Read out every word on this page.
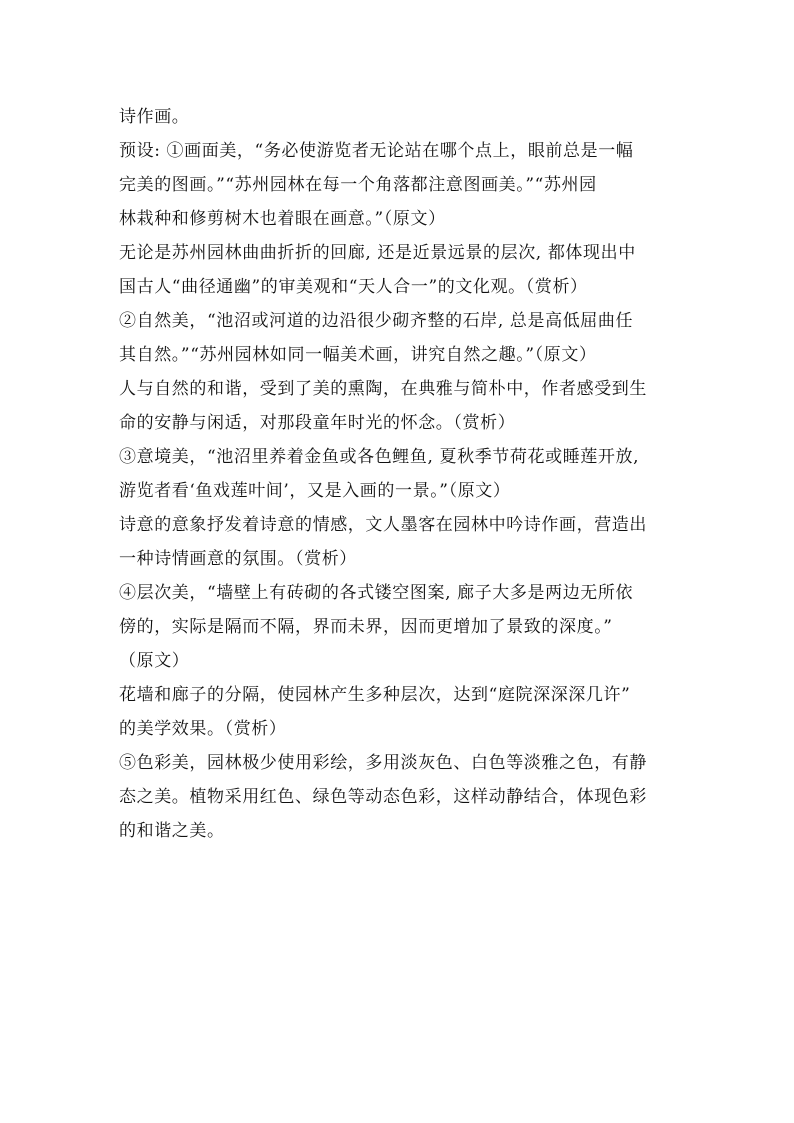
诗作画。
预设: ①画面美，“务必使游览者无论站在哪个点上，眼前总是一幅
完美的图画。”“苏州园林在每一个角落都注意图画美。”“苏州园
林栽种和修剪树木也着眼在画意。”（原文）
无论是苏州园林曲曲折折的回廊, 还是近景远景的层次, 都体现出中
国古人“曲径通幽”的审美观和“天人合一”的文化观。（赏析）
②自然美，“池沼或河道的边沿很少砌齐整的石岸, 总是高低屈曲任
其自然。”“苏州园林如同一幅美术画，讲究自然之趣。”（原文）
人与自然的和谐，受到了美的熏陶，在典雅与简朴中，作者感受到生
命的安静与闲适，对那段童年时光的怀念。（赏析）
③意境美，“池沼里养着金鱼或各色鲤鱼, 夏秋季节荷花或睡莲开放,
游览者看‘鱼戏莲叶间’，又是入画的一景。”（原文）
诗意的意象抒发着诗意的情感，文人墨客在园林中吟诗作画，营造出
一种诗情画意的氛围。（赏析）
④层次美，“墙壁上有砖砌的各式镂空图案, 廊子大多是两边无所依
傍的，实际是隔而不隔，界而未界，因而更增加了景致的深度。”
（原文）
花墙和廊子的分隔，使园林产生多种层次，达到“庭院深深深几许”
的美学效果。（赏析）
⑤色彩美，园林极少使用彩绘，多用淡灰色、白色等淡雅之色，有静
态之美。植物采用红色、绿色等动态色彩，这样动静结合，体现色彩
的和谐之美。
